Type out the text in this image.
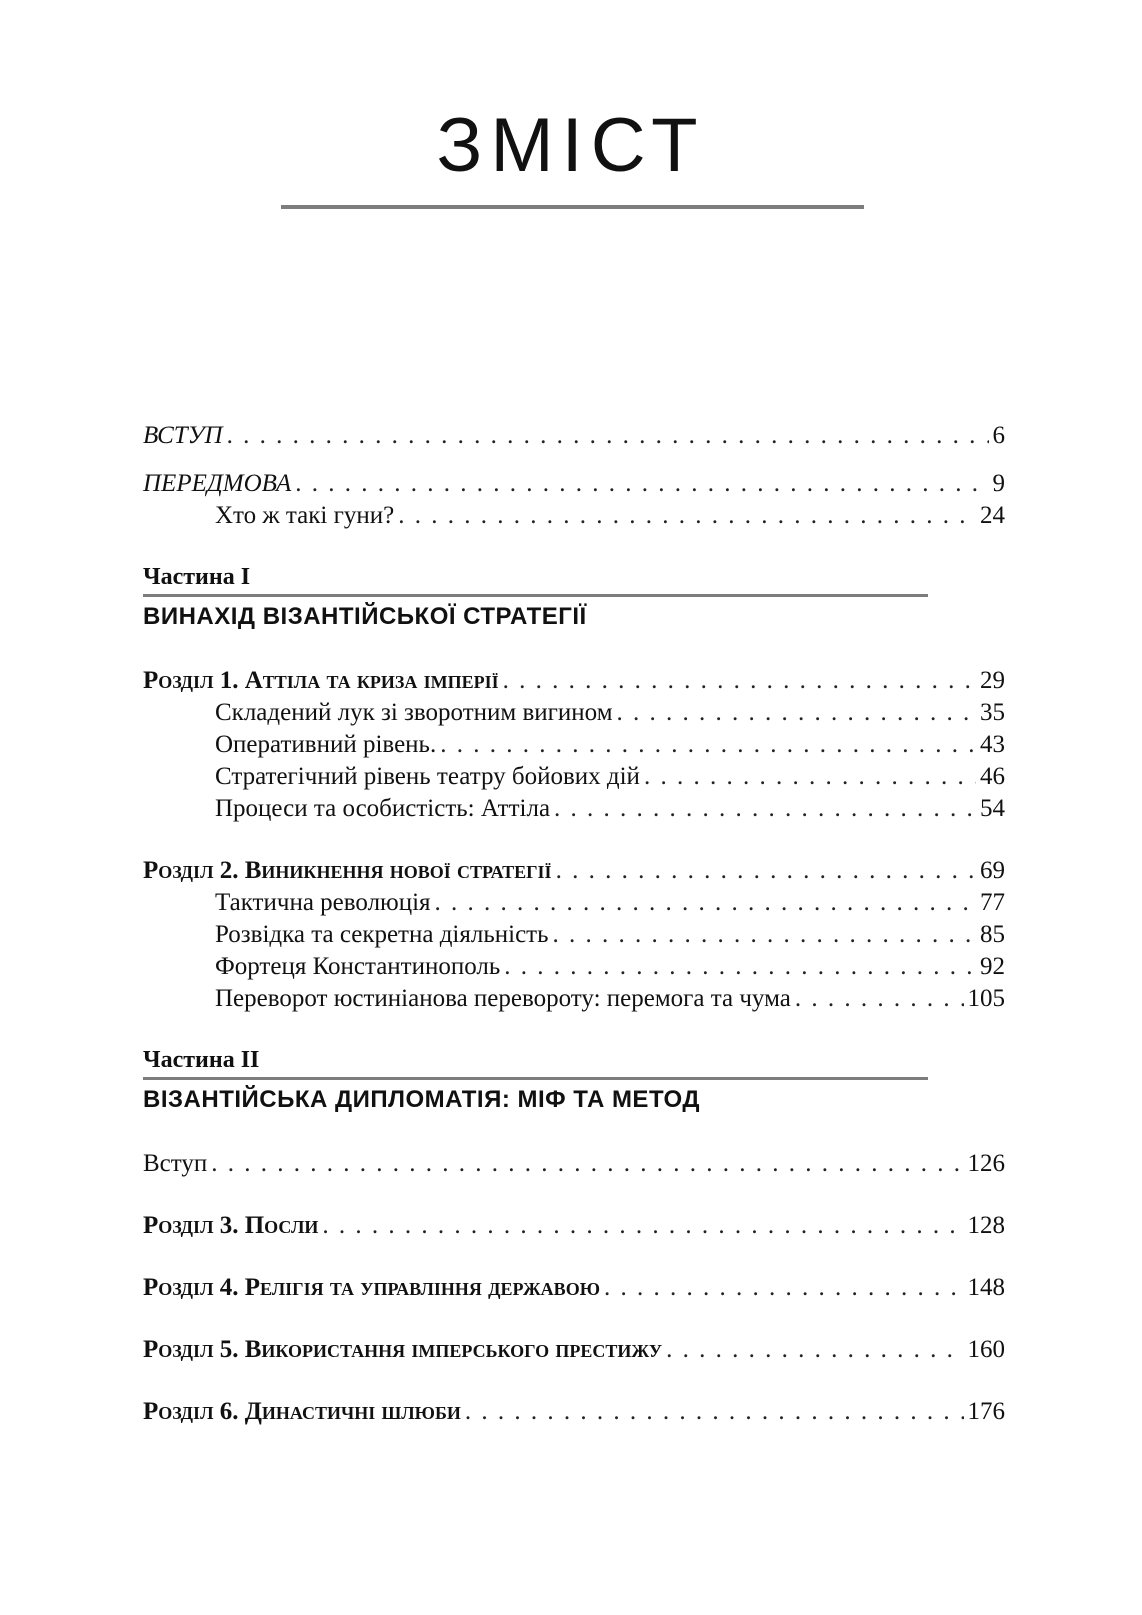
ЗМІСТ
ВСТУП . . .	6
ПЕРЕДМОВА . . .	9
Хто ж такі гуни? . . .	24
Частина I
ВИНАХІД ВІЗАНТІЙСЬКОЇ СТРАТЕГІЇ
Розділ 1. Аттіла та криза імперії . . .	29
Складений лук зі зворотним вигином . . .	35
Оперативний рівень. . . .	43
Стратегічний рівень театру бойових дій . . .	46
Процеси та особистість: Аттіла . . .	54
Розділ 2. Виникнення нової стратегії . . .	69
Тактична революція . . .	77
Розвідка та секретна діяльність . . .	85
Фортеця Константинополь . . .	92
Переворот юстиніанова перевороту: перемога та чума . . .	105
Частина II
ВІЗАНТІЙСЬКА ДИПЛОМАТІЯ: МІФ ТА МЕТОД
Вступ . . .	126
Розділ 3. Посли . . .	128
Розділ 4. Релігія та управління державою . . .	148
Розділ 5. Використання імперського престижу . . .	160
Розділ 6. Династичні шлюби . . .	176
